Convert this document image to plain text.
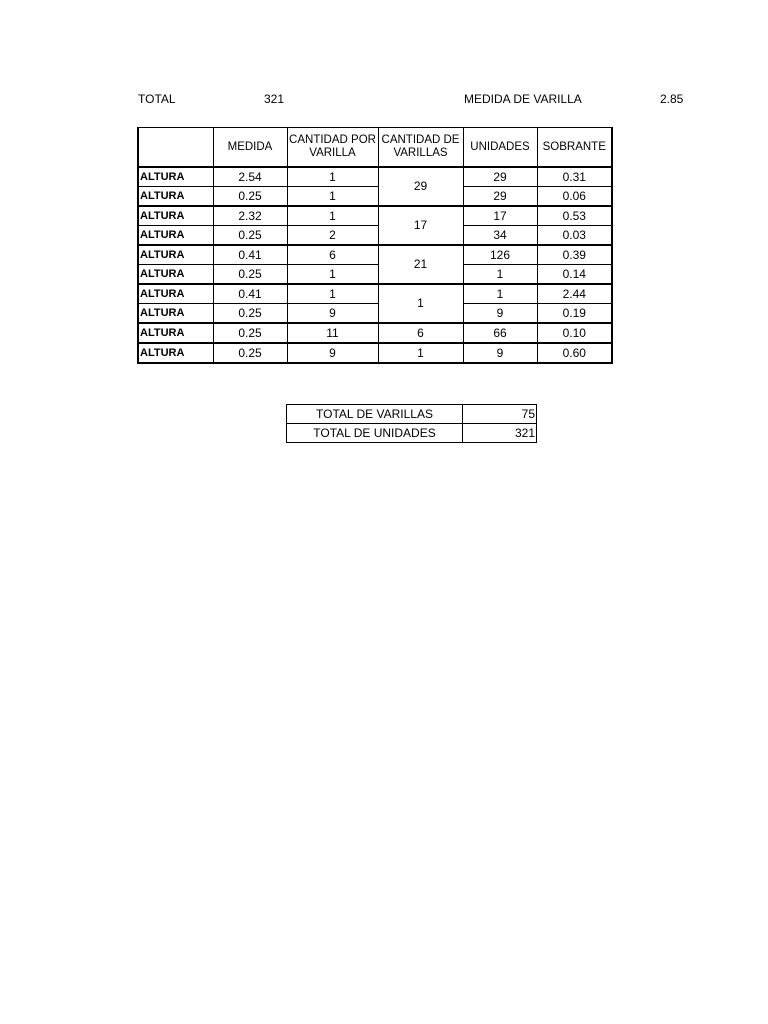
TOTAL	321	MEDIDA DE VARILLA	2.85
	MEDIDA	CANTIDAD POR VARILLA	CANTIDAD DE VARILLAS	UNIDADES	SOBRANTE
ALTURA	2.54	1	29	29	0.31
ALTURA	0.25	1		29	0.06
ALTURA	2.32	1	17	17	0.53
ALTURA	0.25	2		34	0.03
ALTURA	0.41	6	21	126	0.39
ALTURA	0.25	1		1	0.14
ALTURA	0.41	1	1	1	2.44
ALTURA	0.25	9		9	0.19
ALTURA	0.25	11	6	66	0.10
ALTURA	0.25	9	1	9	0.60
TOTAL DE VARILLAS	75
TOTAL DE UNIDADES	321
